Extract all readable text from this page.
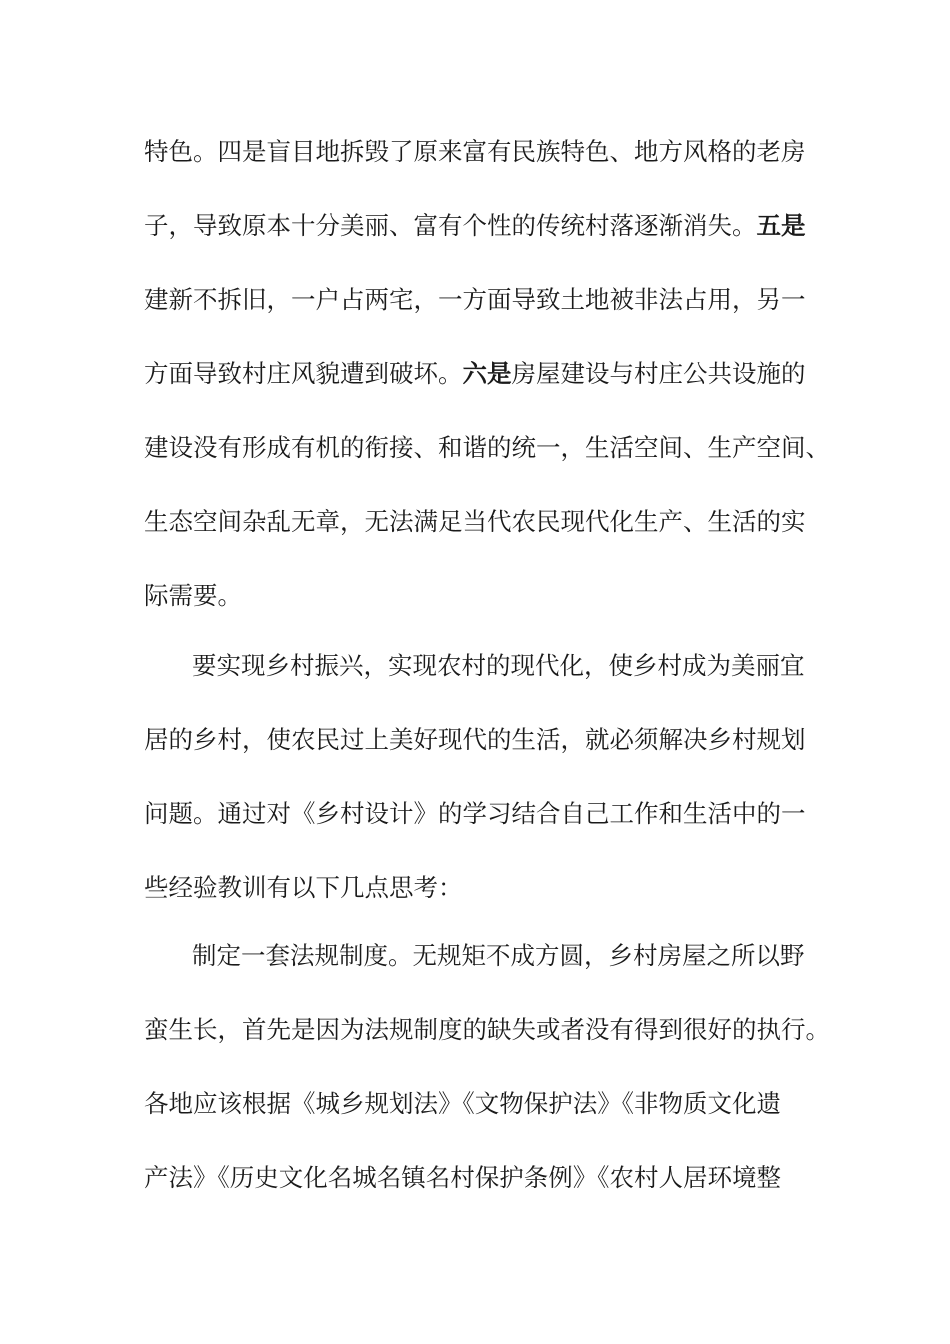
特色。四是盲目地拆毁了原来富有民族特色、地方风格的老房

子，导致原本十分美丽、富有个性的传统村落逐渐消失。五是

建新不拆旧，一户占两宅，一方面导致土地被非法占用，另一

方面导致村庄风貌遭到破坏。六是房屋建设与村庄公共设施的

建设没有形成有机的衔接、和谐的统一，生活空间、生产空间、

生态空间杂乱无章，无法满足当代农民现代化生产、生活的实

际需要。

要实现乡村振兴，实现农村的现代化，使乡村成为美丽宜

居的乡村，使农民过上美好现代的生活，就必须解决乡村规划

问题。通过对《乡村设计》的学习结合自己工作和生活中的一

些经验教训有以下几点思考：

制定一套法规制度。无规矩不成方圆，乡村房屋之所以野

蛮生长，首先是因为法规制度的缺失或者没有得到很好的执行。

各地应该根据《城乡规划法》《文物保护法》《非物质文化遗

产法》《历史文化名城名镇名村保护条例》《农村人居环境整
